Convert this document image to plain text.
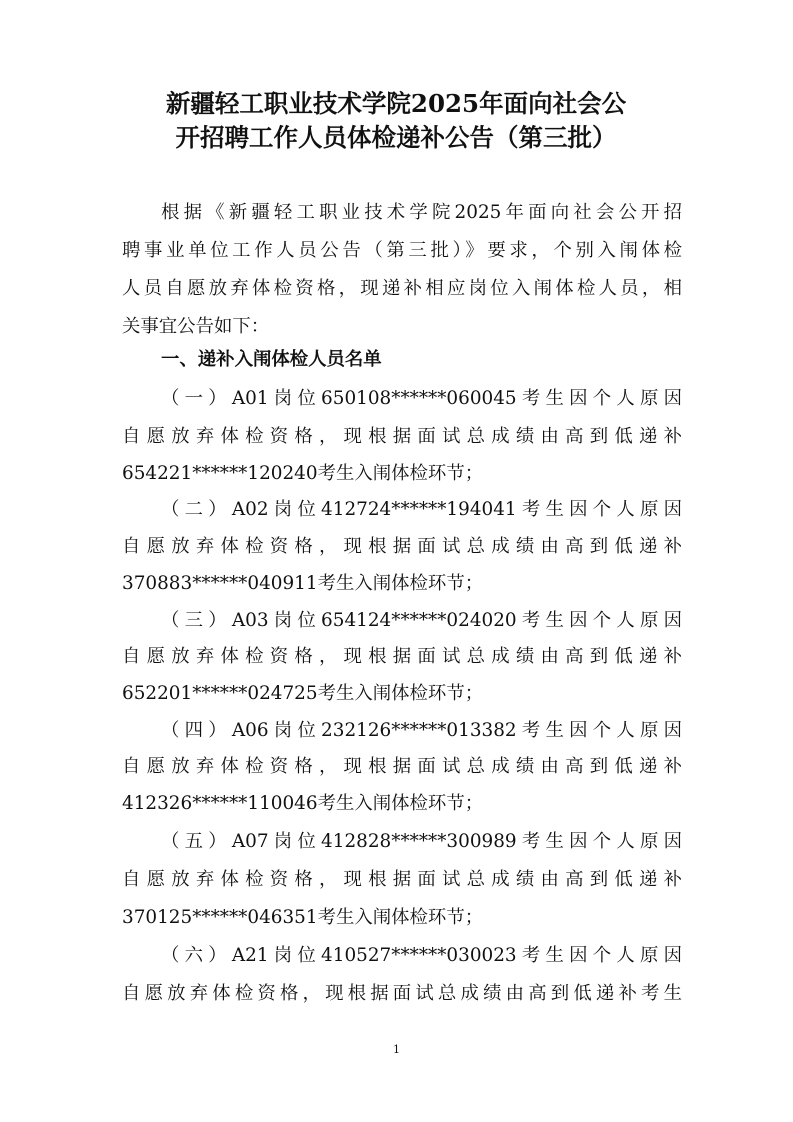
新疆轻工职业技术学院2025年面向社会公
开招聘工作人员体检递补公告（第三批）
根据《新疆轻工职业技术学院2025年面向社会公开招
聘事业单位工作人员公告（第三批）》要求，个别入闱体检
人员自愿放弃体检资格，现递补相应岗位入闱体检人员，相
关事宜公告如下：
一、递补入闱体检人员名单
（一）A01岗位650108******060045考生因个人原因
自愿放弃体检资格，现根据面试总成绩由高到低递补
654221******120240考生入闱体检环节；
（二）A02岗位412724******194041考生因个人原因
自愿放弃体检资格，现根据面试总成绩由高到低递补
370883******040911考生入闱体检环节；
（三）A03岗位654124******024020考生因个人原因
自愿放弃体检资格，现根据面试总成绩由高到低递补
652201******024725考生入闱体检环节；
（四）A06岗位232126******013382考生因个人原因
自愿放弃体检资格，现根据面试总成绩由高到低递补
412326******110046考生入闱体检环节；
（五）A07岗位412828******300989考生因个人原因
自愿放弃体检资格，现根据面试总成绩由高到低递补
370125******046351考生入闱体检环节；
（六）A21岗位410527******030023考生因个人原因
自愿放弃体检资格，现根据面试总成绩由高到低递补考生
1
